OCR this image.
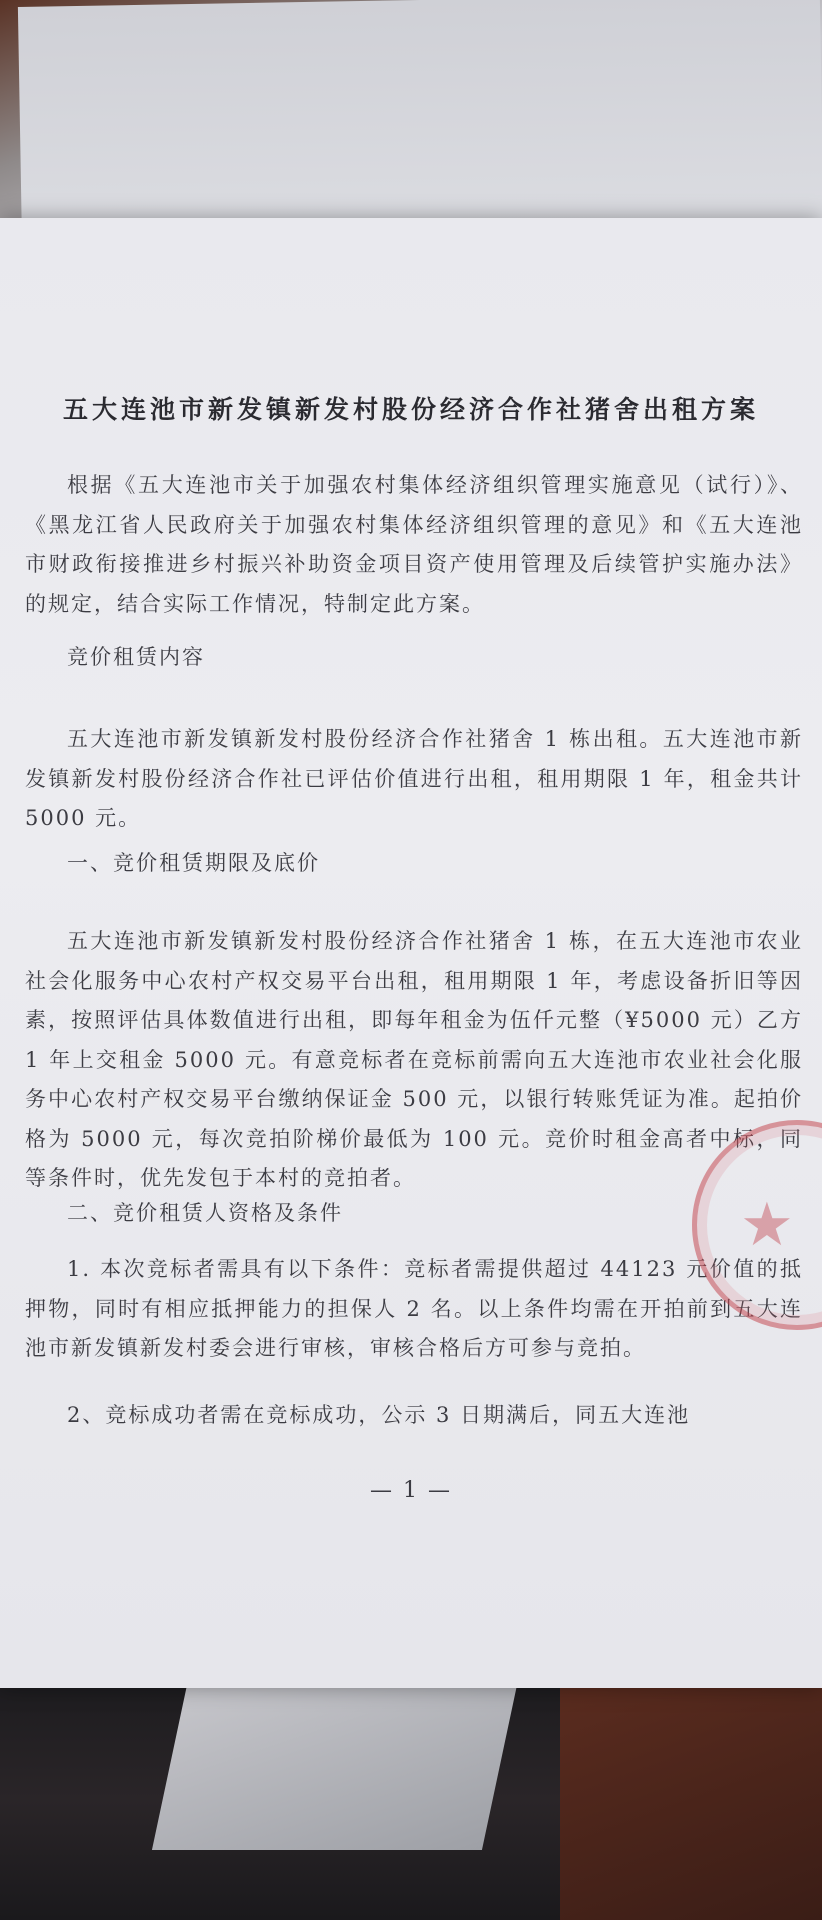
五大连池市新发镇新发村股份经济合作社猪舍出租方案
根据《五大连池市关于加强农村集体经济组织管理实施意见（试行）》、《黑龙江省人民政府关于加强农村集体经济组织管理的意见》和《五大连池市财政衔接推进乡村振兴补助资金项目资产使用管理及后续管护实施办法》的规定，结合实际工作情况，特制定此方案。
竞价租赁内容
五大连池市新发镇新发村股份经济合作社猪舍 1 栋出租。五大连池市新发镇新发村股份经济合作社已评估价值进行出租，租用期限 1 年，租金共计 5000 元。
一、竞价租赁期限及底价
五大连池市新发镇新发村股份经济合作社猪舍 1 栋，在五大连池市农业社会化服务中心农村产权交易平台出租，租用期限 1 年，考虑设备折旧等因素，按照评估具体数值进行出租，即每年租金为伍仟元整（¥5000 元）乙方 1 年上交租金 5000 元。有意竞标者在竞标前需向五大连池市农业社会化服务中心农村产权交易平台缴纳保证金 500 元，以银行转账凭证为准。起拍价格为 5000 元，每次竞拍阶梯价最低为 100 元。竞价时租金高者中标，同等条件时，优先发包于本村的竞拍者。
二、竞价租赁人资格及条件
1. 本次竞标者需具有以下条件：竞标者需提供超过 44123 元价值的抵押物，同时有相应抵押能力的担保人 2 名。以上条件均需在开拍前到五大连池市新发镇新发村委会进行审核，审核合格后方可参与竞拍。
2、竞标成功者需在竞标成功，公示 3 日期满后，同五大连池
— 1 —
★
